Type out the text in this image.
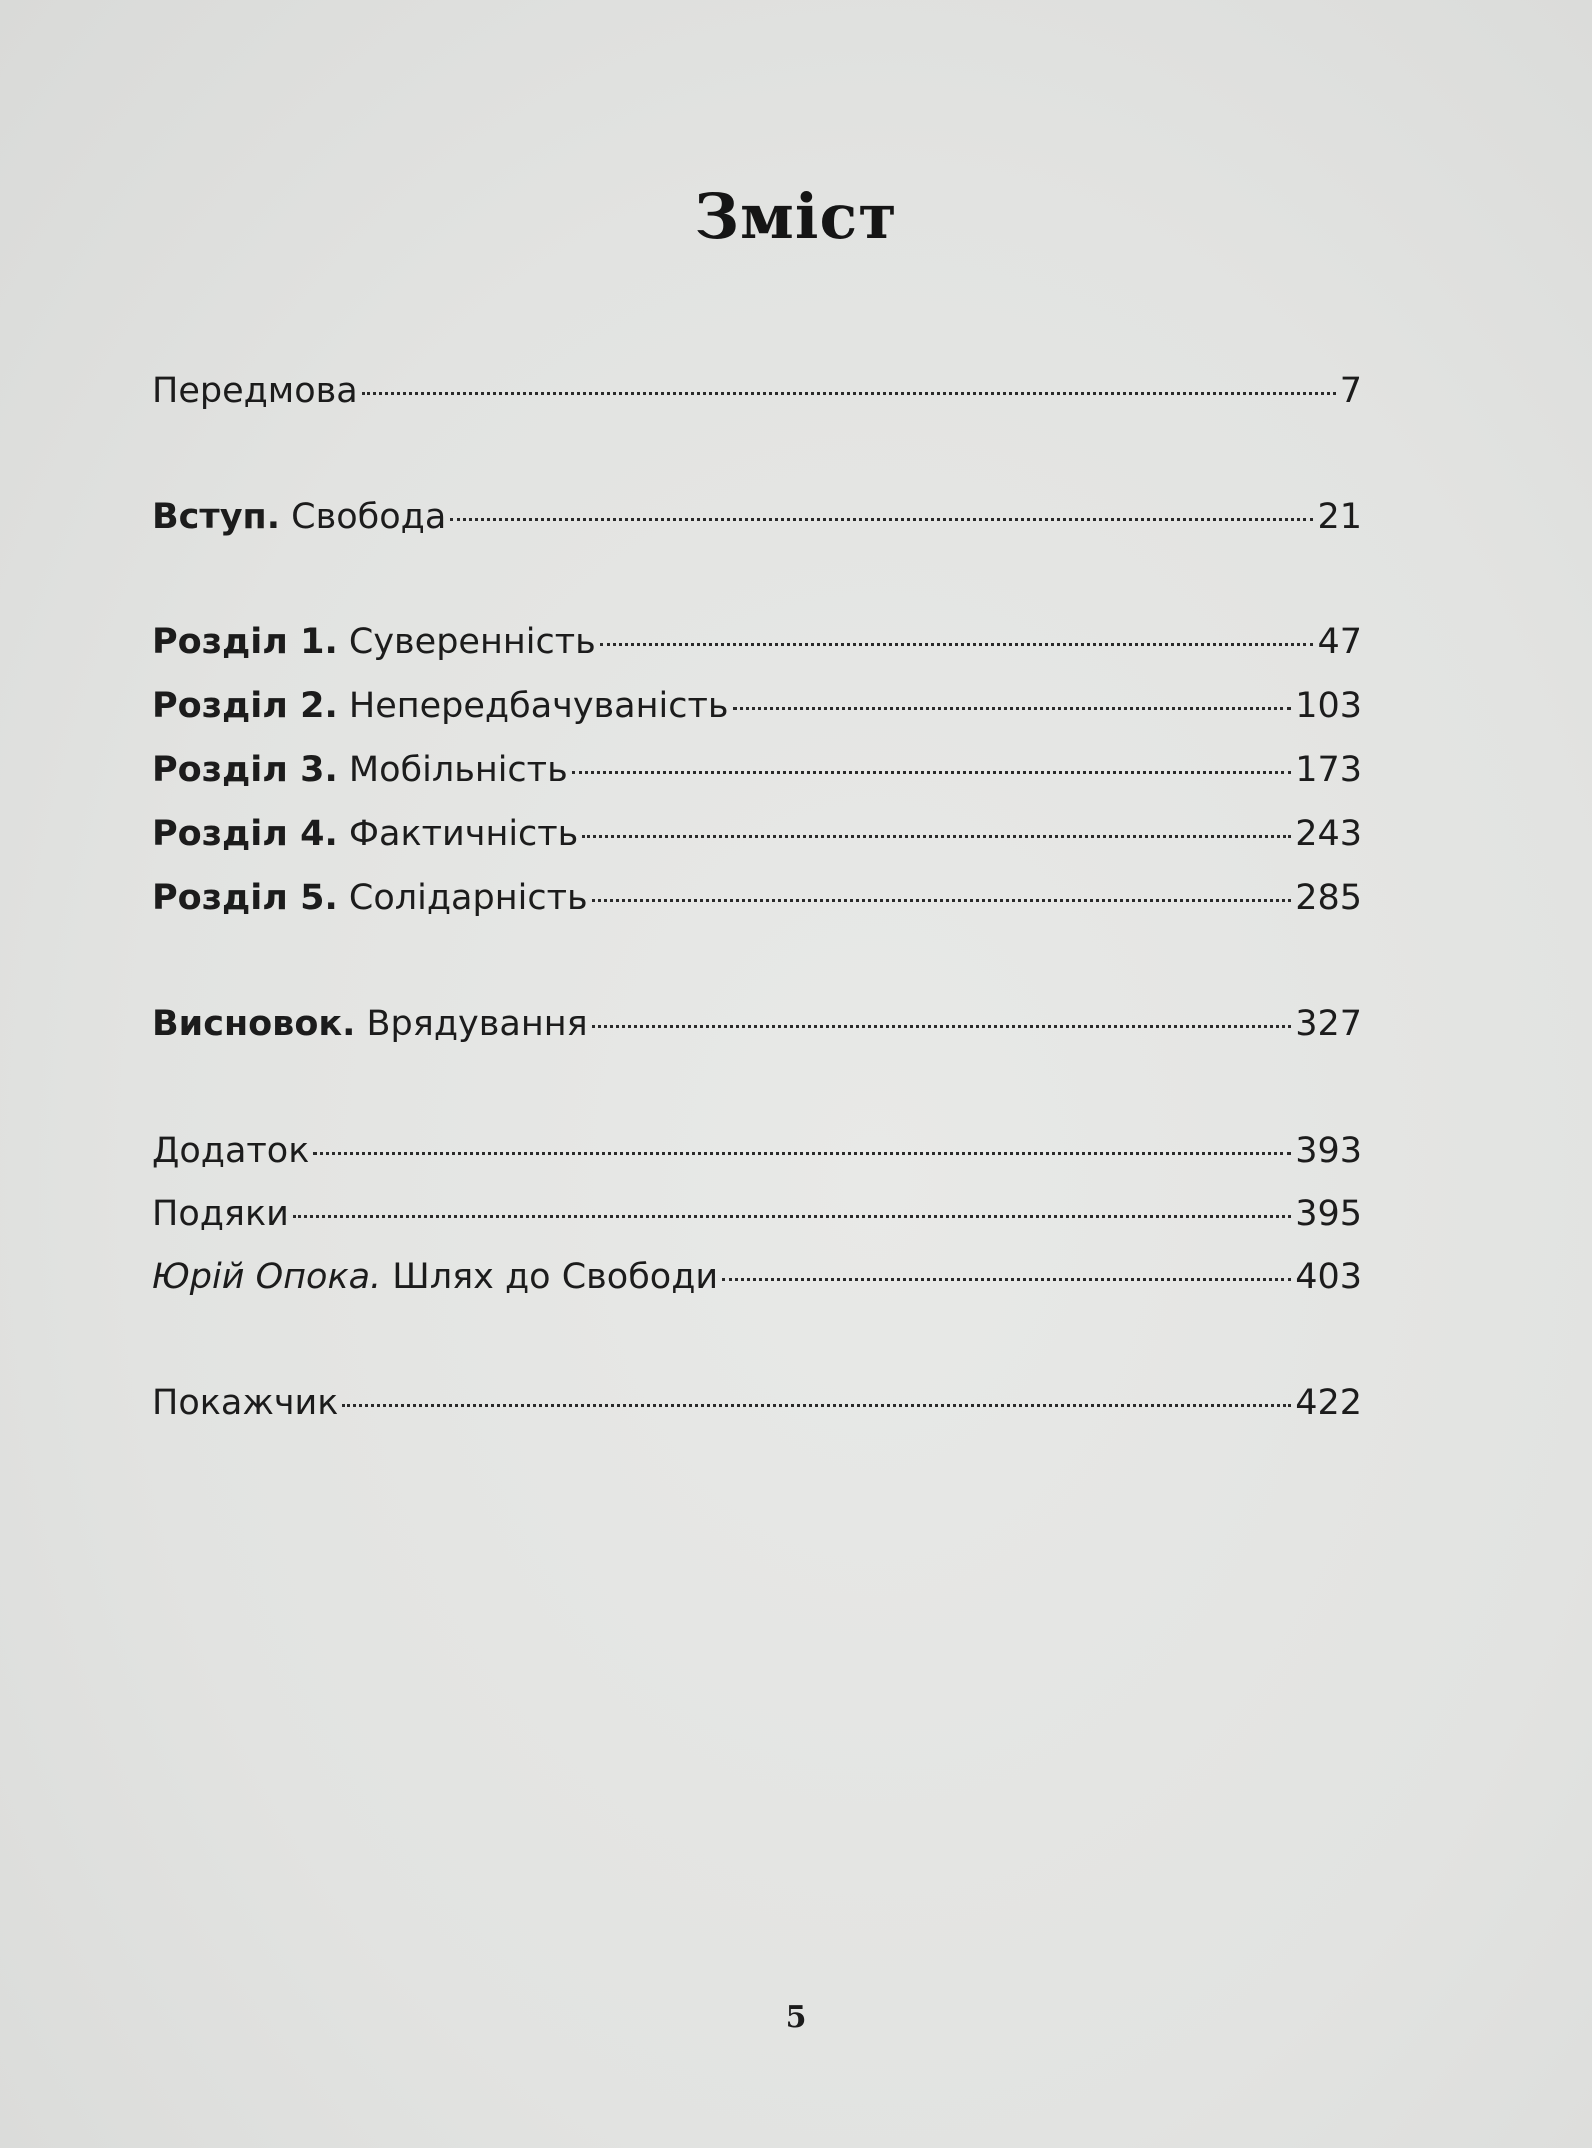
Зміст
Передмова	7
Вступ. Свобода	21
Розділ 1. Суверенність	47
Розділ 2. Непередбачуваність	103
Розділ 3. Мобільність	173
Розділ 4. Фактичність	243
Розділ 5. Солідарність	285
Висновок. Врядування	327
Додаток	393
Подяки	395
Юрій Опока. Шлях до Свободи	403
Покажчик	422
5
